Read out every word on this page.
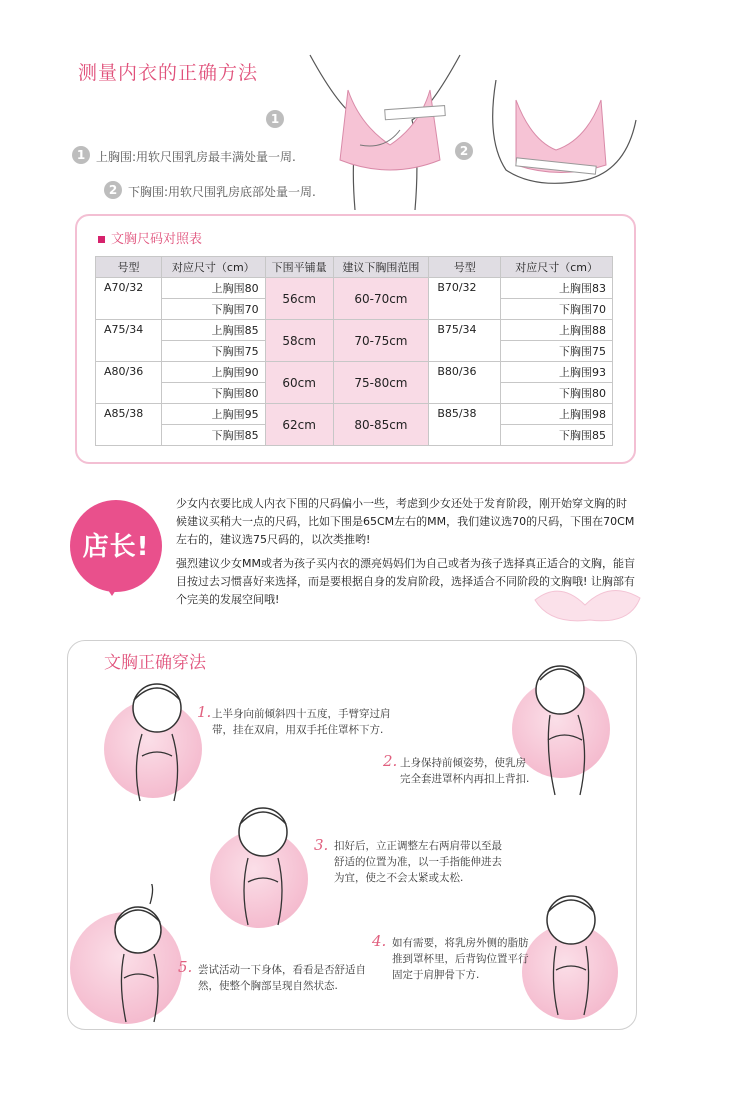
测量内衣的正确方法
1
2
1 上胸围:用软尺围乳房最丰满处量一周.
2 下胸围:用软尺围乳房底部处量一周.
文胸尺码对照表
号型	对应尺寸（cm）	下围平铺量	建议下胸围范围	号型	对应尺寸（cm）
A70/32	上胸围80	56cm	60-70cm	B70/32	上胸围83
	下胸围70				下胸围70
A75/34	上胸围85	58cm	70-75cm	B75/34	上胸围88
	下胸围75				下胸围75
A80/36	上胸围90	60cm	75-80cm	B80/36	上胸围93
	下胸围80				下胸围80
A85/38	上胸围95	62cm	80-85cm	B85/38	上胸围98
	下胸围85				下胸围85
店长!

少女内衣要比成人内衣下围的尺码偏小一些，考虑到少女还处于发育阶段，刚开始穿文胸的时候建议买稍大一点的尺码，比如下围是65CM左右的MM，我们建议选70的尺码，下围在70CM左右的，建议选75尺码的，以次类推哟!

强烈建议少女MM或者为孩子买内衣的漂亮妈妈们为自己或者为孩子选择真正适合的文胸，能盲目按过去习惯喜好来选择，而是要根据自身的发肩阶段，选择适合不同阶段的文胸哦! 让胸部有个完美的发展空间哦!

文胸正确穿法
1. 上半身向前倾斜四十五度，手臂穿过肩
带，挂在双肩，用双手托住罩杯下方.
2. 上身保持前倾姿势，使乳房
完全套进罩杯内再扣上背扣.
3. 扣好后，立正调整左右两肩带以至最
舒适的位置为准，以一手指能伸进去
为宜，使之不会太紧或太松.
4. 如有需要，将乳房外侧的脂肪
推到罩杯里，后背钩位置平行
固定于肩胛骨下方.
5. 尝试活动一下身体，看看是否舒适自
然，使整个胸部呈现自然状态.
